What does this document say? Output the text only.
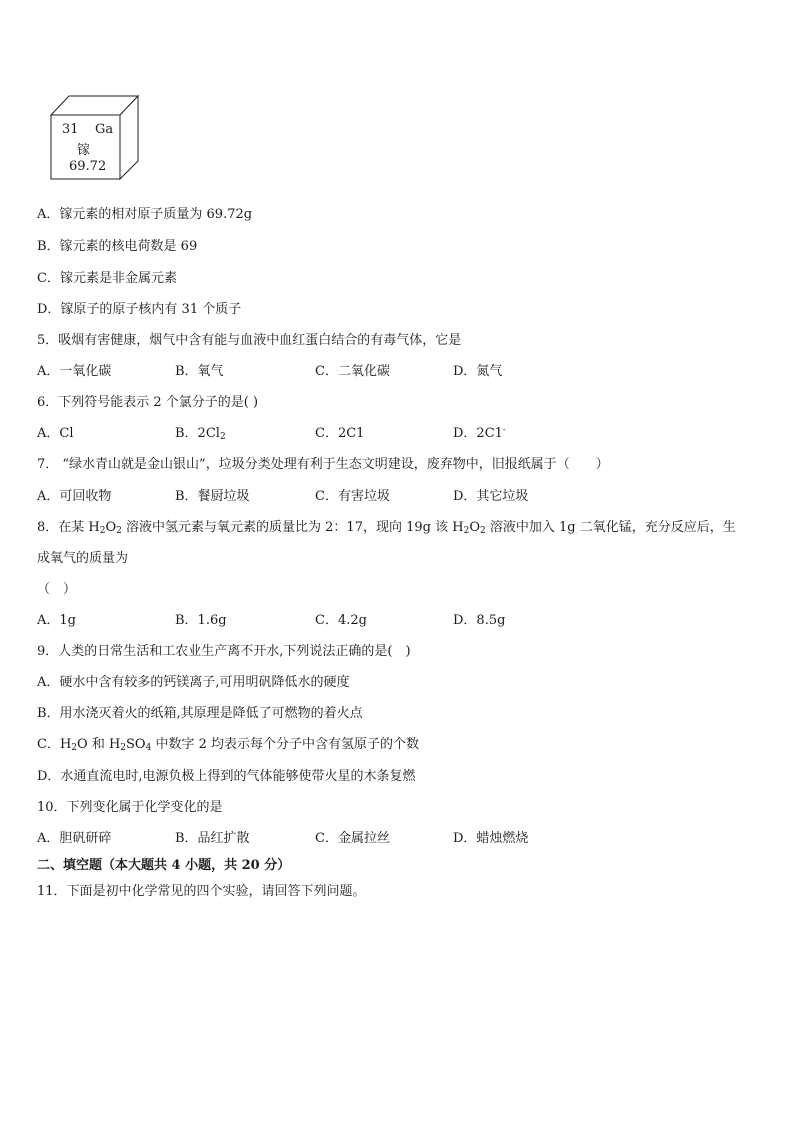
31 Ga
镓
69.72
A．镓元素的相对原子质量为 69.72g
B．镓元素的核电荷数是 69
C．镓元素是非金属元素
D．镓原子的原子核内有 31 个质子
5．吸烟有害健康，烟气中含有能与血液中血红蛋白结合的有毒气体，它是
A．一氧化碳	B．氧气	C．二氧化碳	D．氮气
6．下列符号能表示 2 个氯分子的是( )
A．Cl	B．$2Cl_2$	C．2C1	D．2C1-
7． “绿水青山就是金山银山”，垃圾分类处理有利于生态文明建设，废弃物中，旧报纸属于（　　）
A．可回收物	B．餐厨垃圾	C．有害垃圾	D．其它垃圾
8．在某 $H_2O_2$ 溶液中氢元素与氧元素的质量比为 2：17，现向 19g 该 $H_2O_2$ 溶液中加入 1g 二氧化锰，充分反应后，生
成氧气的质量为
（　）
A．1g	B．1.6g	C．4.2g	D．8.5g
9．人类的日常生活和工农业生产离不开水,下列说法正确的是(　)
A．硬水中含有较多的钙镁离子,可用明矾降低水的硬度
B．用水浇灭着火的纸箱,其原理是降低了可燃物的着火点
C．$H_2O$ 和 $H_2SO_4$ 中数字 2 均表示每个分子中含有氢原子的个数
D．水通直流电时,电源负极上得到的气体能够使带火星的木条复燃
10．下列变化属于化学变化的是
A．胆矾研碎	B．品红扩散	C．金属拉丝	D．蜡烛燃烧
二、填空题（本大题共 4 小题，共 20 分）
11．下面是初中化学常见的四个实验，请回答下列问题。
